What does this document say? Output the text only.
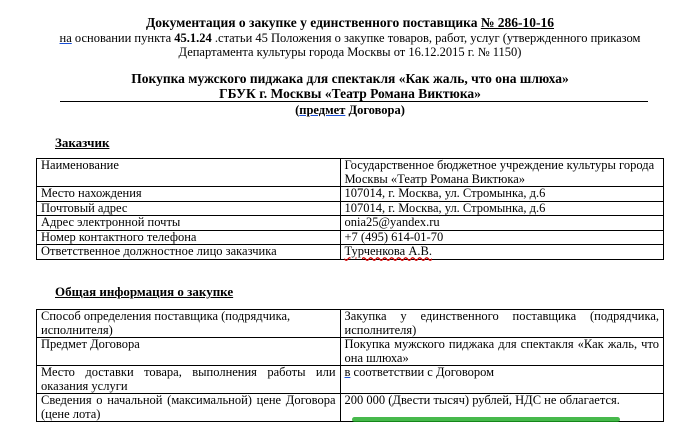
Документация о закупке у единственного поставщика № 286-10-16
на основании пункта 45.1.24 .статьи 45 Положения о закупке товаров, работ, услуг (утвержденного приказом
Департамента культуры города Москвы от 16.12.2015 г. № 1150)
Покупка мужского пиджака для спектакля «Как жаль, что она шлюха»
ГБУК г. Москвы «Театр Романа Виктюка»
(предмет Договора)
Заказчик
Наименование	Государственное бюджетное учреждение культуры города Москвы «Театр Романа Виктюка»
Место нахождения	107014, г. Москва, ул. Стромынка, д.6
Почтовый адрес	107014, г. Москва, ул. Стромынка, д.6
Адрес электронной почты	onia25@yandex.ru
Номер контактного телефона	+7 (495) 614-01-70
Ответственное должностное лицо заказчика	Турченкова А.В.
Общая информация о закупке
Способ определения поставщика (подрядчика, исполнителя)	Закупка у единственного поставщика (подрядчика, исполнителя)
Предмет Договора	Покупка мужского пиджака для спектакля «Как жаль, что она шлюха»
Место доставки товара, выполнения работы или оказания услуги	в соответствии с Договором
Сведения о начальной (максимальной) цене Договора (цене лота)	200 000 (Двести тысяч) рублей, НДС не облагается.
